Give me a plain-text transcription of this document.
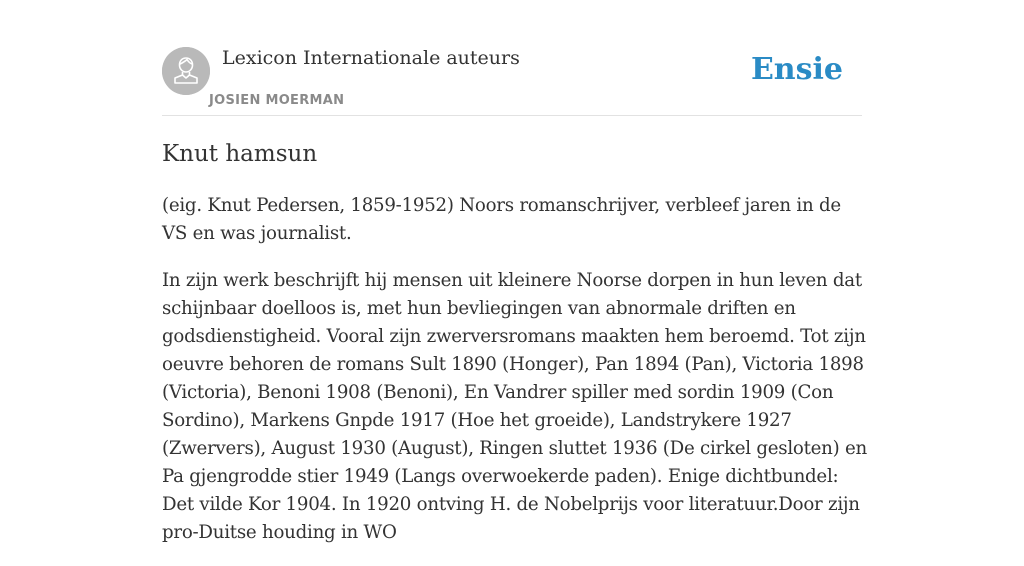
Lexicon Internationale auteurs
JOSIEN MOERMAN
Ensie
Knut hamsun

(eig. Knut Pedersen, 1859-1952) Noors romanschrijver, verbleef jaren in de VS en was journalist.

In zijn werk beschrijft hij mensen uit kleinere Noorse dorpen in hun leven dat schijnbaar doelloos is, met hun bevliegingen van abnormale driften en godsdienstigheid. Vooral zijn zwerversromans maakten hem beroemd. Tot zijn oeuvre behoren de romans Sult 1890 (Honger), Pan 1894 (Pan), Victoria 1898 (Victoria), Benoni 1908 (Benoni), En Vandrer spiller med sordin 1909 (Con Sordino), Markens Gnpde 1917 (Hoe het groeide), Landstrykere 1927 (Zwervers), August 1930 (August), Ringen sluttet 1936 (De cirkel gesloten) en Pa gjengrodde stier 1949 (Langs overwoekerde paden). Enige dichtbundel: Det vilde Kor 1904. In 1920 ontving H. de Nobelprijs voor literatuur.Door zijn pro-Duitse houding in WO
